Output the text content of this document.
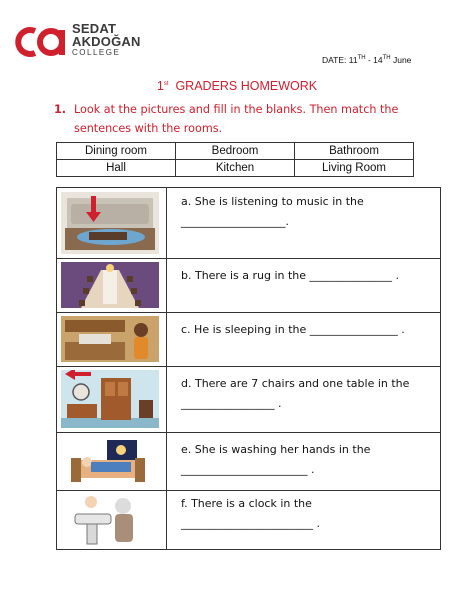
SEDAT
AKDOĞAN
COLLEGE
DATE: 11TH - 14TH June
1st  GRADERS HOMEWORK
1. Look at the pictures and fill in the blanks. Then match the sentences with the rooms.
Dining room	Bedroom	Bathroom
Hall	Kitchen	Living Room
a. She is listening to music in the
___________________.
b. There is a rug in the _______________ .
c. He is sleeping in the ________________ .
d. There are 7 chairs and one table in the
_________________ .
e. She is washing her hands in the
_______________________ .
f. There is a clock in the
________________________ .
